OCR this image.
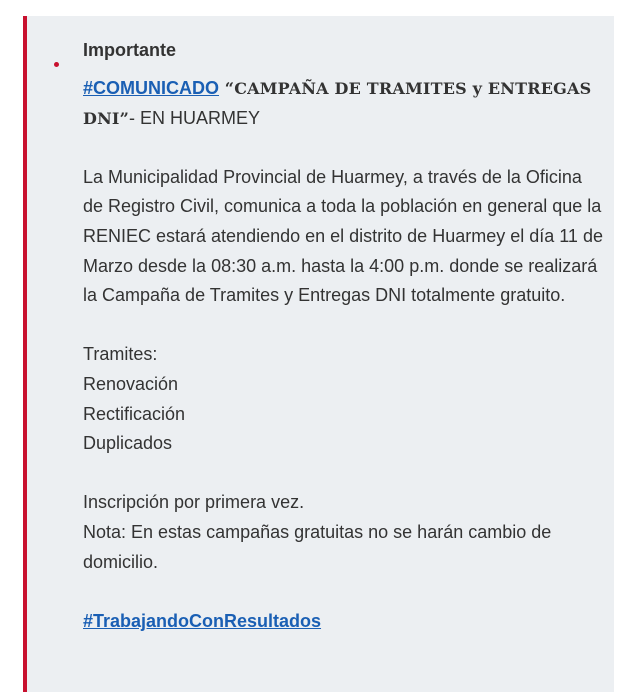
Importante

#COMUNICADO “CAMPAÑA DE TRAMITES y ENTREGAS DNI”- EN HUARMEY

La Municipalidad Provincial de Huarmey, a través de la Oficina de Registro Civil, comunica a toda la población en general que la RENIEC estará atendiendo en el distrito de Huarmey el día 11 de Marzo desde la 08:30 a.m. hasta la 4:00 p.m. donde se realizará la Campaña de Tramites y Entregas DNI totalmente gratuito.

Tramites:

Renovación

Rectificación

Duplicados

Inscripción por primera vez.

Nota: En estas campañas gratuitas no se harán cambio de domicilio.

#TrabajandoConResultados
